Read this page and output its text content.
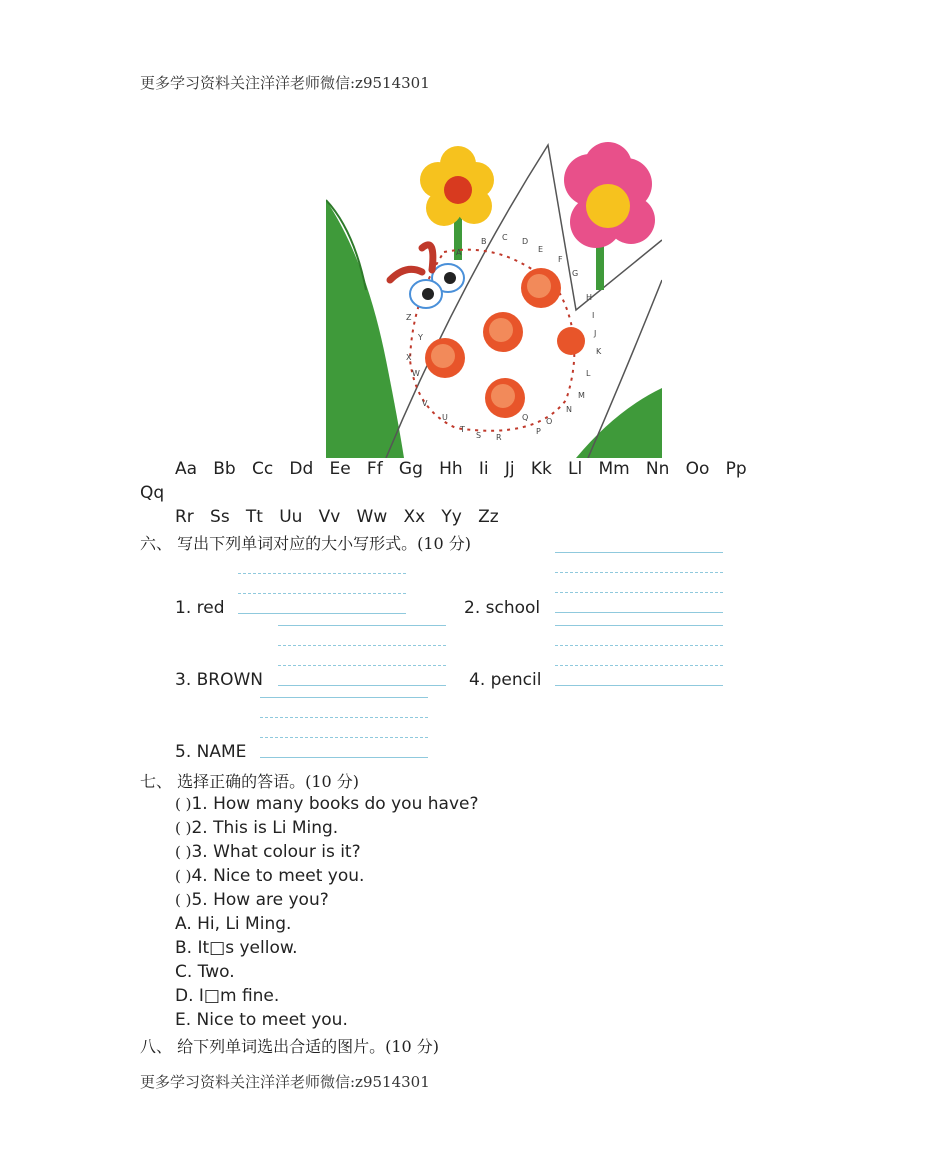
更多学习资料关注洋洋老师微信:z9514301
A
B C D
E
F
G
H
I
J
K
L
M
N
O
P
Q
R
S
T
U
V
W
X
Y
Z
Aa Bb Cc Dd Ee Ff Gg Hh Ii Jj Kk Ll Mm Nn Oo Pp
Qq
Rr Ss Tt Uu Vv Ww Xx Yy Zz
六、 写出下列单词对应的大小写形式。(10 分)
1. red	2. school
3. BROWN	4. pencil
5. NAME
七、 选择正确的答语。(10 分)
( )1. How many books do you have?
( )2. This is Li Ming.
( )3. What colour is it?
( )4. Nice to meet you.
( )5. How are you?
A. Hi, Li Ming.
B. It□s yellow.
C. Two.
D. I□m fine.
E. Nice to meet you.
八、 给下列单词选出合适的图片。(10 分)
更多学习资料关注洋洋老师微信:z9514301
